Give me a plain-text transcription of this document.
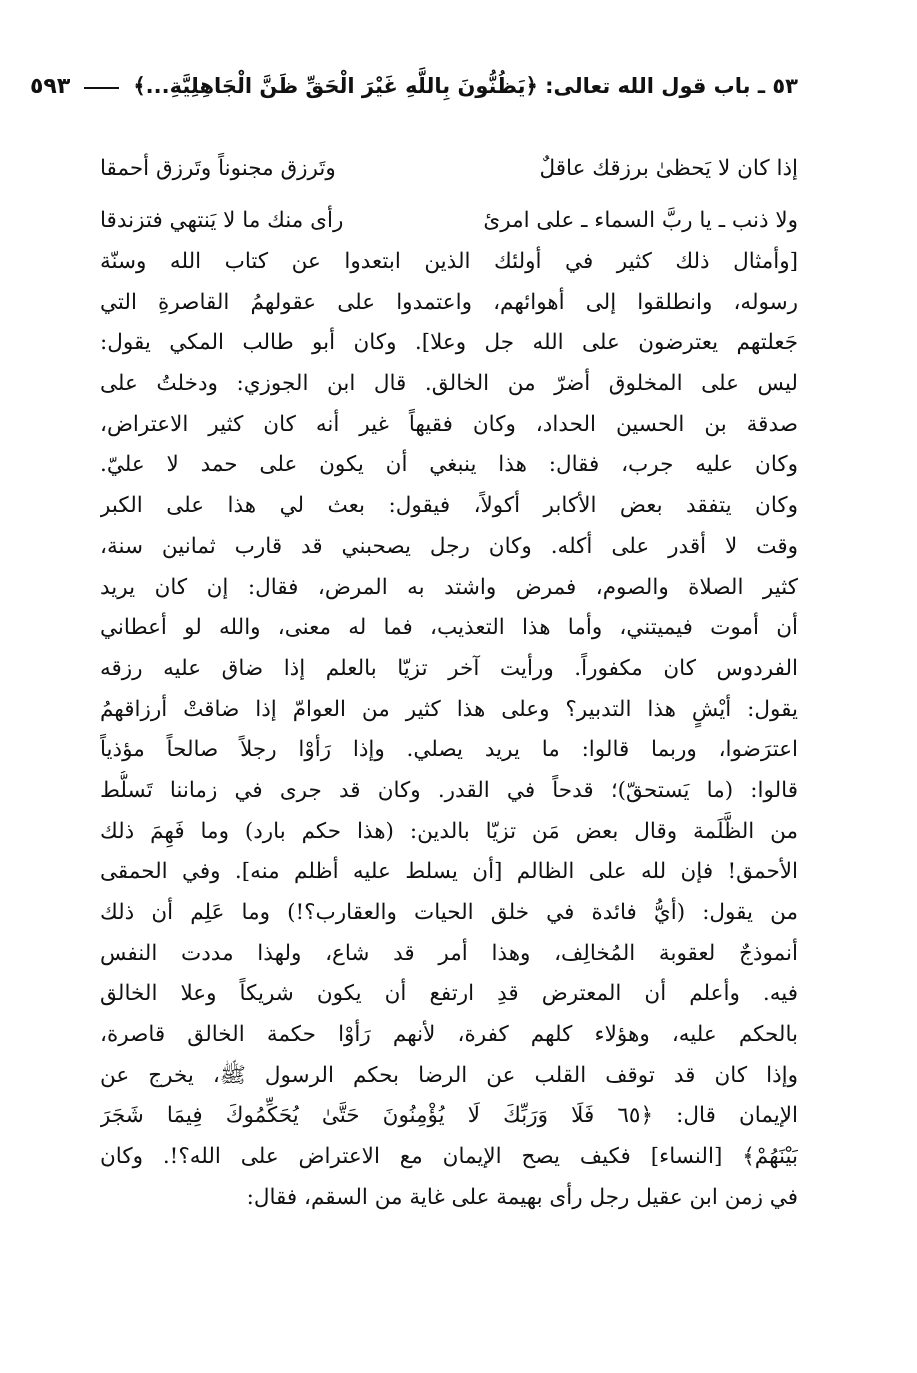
٥٣ ـ باب قول الله تعالى: ﴿يَظُنُّونَ بِاللَّهِ غَيْرَ الْحَقِّ ظَنَّ الْجَاهِلِيَّةِ...﴾
٥٩٣
إذا كان لا يَحظىٰ برزقك عاقلٌ
وتَرزق مجنوناً وتَرزق أحمقا
ولا ذنب ـ يا ربَّ السماء ـ على امرئ
رأى منك ما لا يَنتهي فتزندقا
[وأمثال ذلك كثير في أولئك الذين ابتعدوا عن كتاب الله وسنّة
رسوله، وانطلقوا إلى أهوائهم، واعتمدوا على عقولهمُ القاصرةِ التي
جَعلتهم يعترضون على الله جل وعلا]. وكان أبو طالب المكي يقول:
ليس على المخلوق أضرّ من الخالق. قال ابن الجوزي: ودخلتُ على
صدقة بن الحسين الحداد، وكان فقيهاً غير أنه كان كثير الاعتراض،
وكان عليه جرب، فقال: هذا ينبغي أن يكون على حمد لا عليّ.
وكان يتفقد بعض الأكابر أكولاً، فيقول: بعث لي هذا على الكبر
وقت لا أقدر على أكله. وكان رجل يصحبني قد قارب ثمانين سنة،
كثير الصلاة والصوم، فمرض واشتد به المرض، فقال: إن كان يريد
أن أموت فيميتني، وأما هذا التعذيب، فما له معنى، والله لو أعطاني
الفردوس كان مكفوراً. ورأيت آخر تزيّا بالعلم إذا ضاق عليه رزقه
يقول: أيْشٍ هذا التدبير؟ وعلى هذا كثير من العوامّ إذا ضاقتْ أرزاقهمُ
اعترَضوا، وربما قالوا: ما يريد يصلي. وإذا رَأوْا رجلاً صالحاً مؤذياً
قالوا: (ما يَستحقّ)؛ قدحاً في القدر. وكان قد جرى في زماننا تَسلُّط
من الظَّلَمة وقال بعض مَن تزيّا بالدين: (هذا حكم بارد) وما فَهِمَ ذلك
الأحمق! فإن لله على الظالم [أن يسلط عليه أظلم منه]. وفي الحمقى
من يقول: (أيُّ فائدة في خلق الحيات والعقارب؟!) وما عَلِم أن ذلك
أنموذجٌ لعقوبة المُخالِف، وهذا أمر قد شاع، ولهذا مددت النفس
فيه. وأعلم أن المعترض قدِ ارتفع أن يكون شريكاً وعلا الخالق
بالحكم عليه، وهؤلاء كلهم كفرة، لأنهم رَأوْا حكمة الخالق قاصرة،
وإذا كان قد توقف القلب عن الرضا بحكم الرسول ﷺ، يخرج عن
الإيمان قال: ﴿٦٥ فَلَا وَرَبِّكَ لَا يُؤْمِنُونَ حَتَّىٰ يُحَكِّمُوكَ فِيمَا شَجَرَ
بَيْنَهُمْ﴾ [النساء] فكيف يصح الإيمان مع الاعتراض على الله؟!. وكان
في زمن ابن عقيل رجل رأى بهيمة على غاية من السقم، فقال:
